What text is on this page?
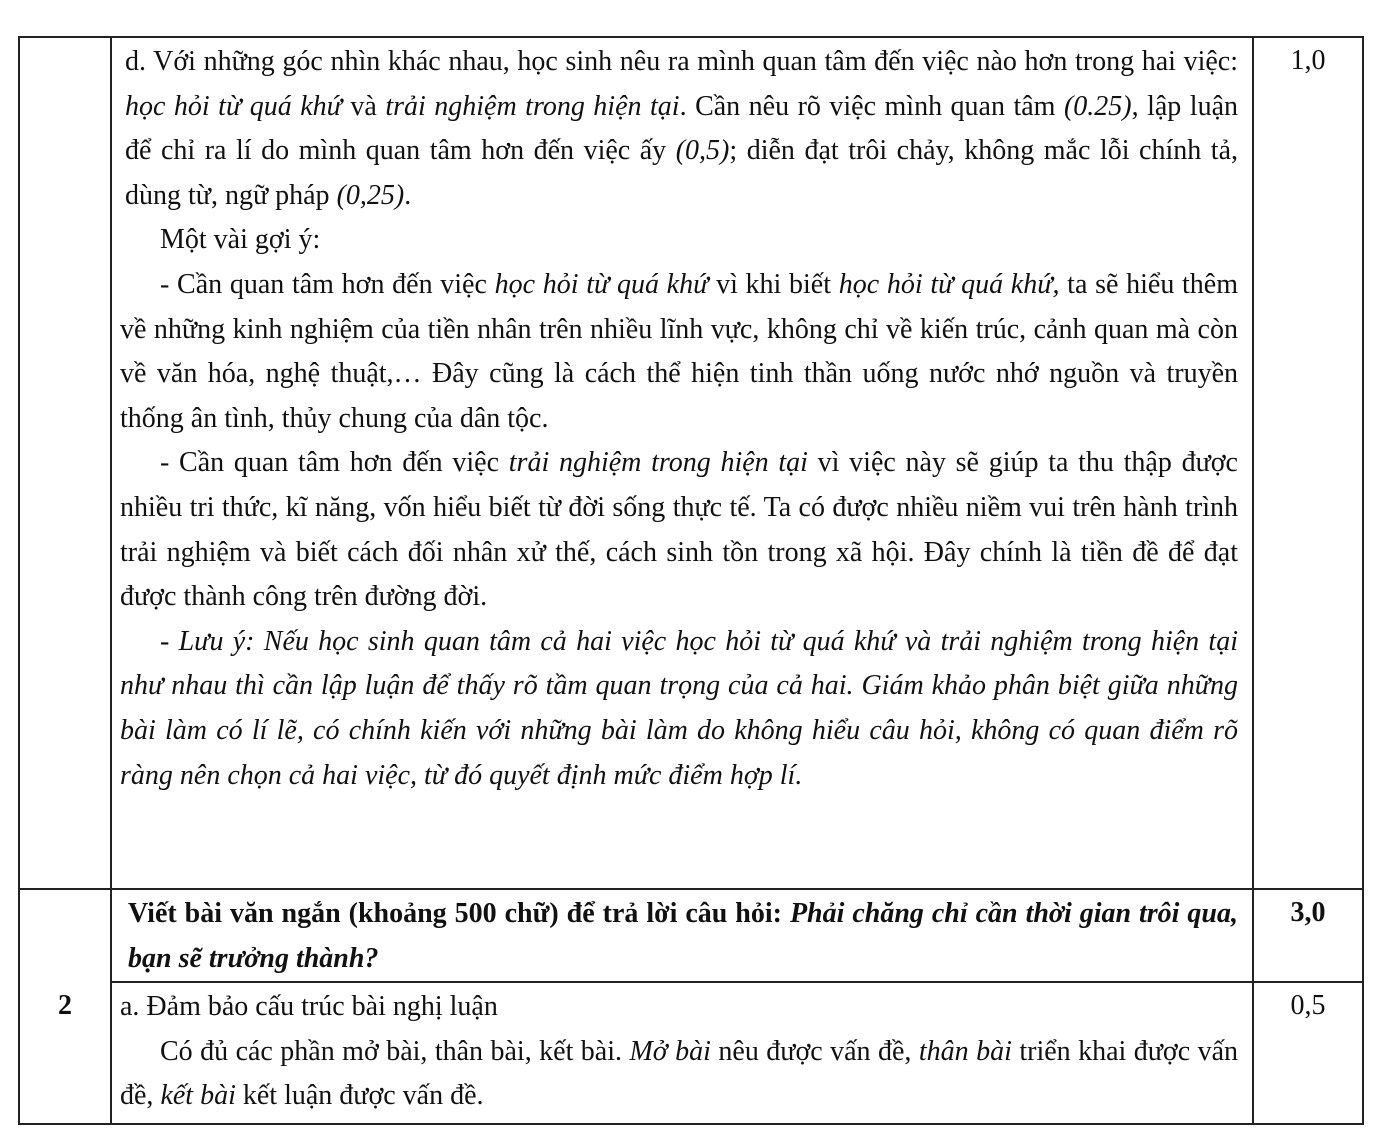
	d. Với những góc nhìn khác nhau, học sinh nêu ra mình quan tâm đến việc nào hơn trong hai việc: học hỏi từ quá khứ và trải nghiệm trong hiện tại. Cần nêu rõ việc mình quan tâm (0.25), lập luận để chỉ ra lí do mình quan tâm hơn đến việc ấy (0,5); diễn đạt trôi chảy, không mắc lỗi chính tả, dùng từ, ngữ pháp (0,25).

Một vài gợi ý:

- Cần quan tâm hơn đến việc học hỏi từ quá khứ vì khi biết học hỏi từ quá khứ, ta sẽ hiểu thêm về những kinh nghiệm của tiền nhân trên nhiều lĩnh vực, không chỉ về kiến trúc, cảnh quan mà còn về văn hóa, nghệ thuật,… Đây cũng là cách thể hiện tinh thần uống nước nhớ nguồn và truyền thống ân tình, thủy chung của dân tộc.

- Cần quan tâm hơn đến việc trải nghiệm trong hiện tại vì việc này sẽ giúp ta thu thập được nhiều tri thức, kĩ năng, vốn hiểu biết từ đời sống thực tế. Ta có được nhiều niềm vui trên hành trình trải nghiệm và biết cách đối nhân xử thế, cách sinh tồn trong xã hội. Đây chính là tiền đề để đạt được thành công trên đường đời.

- Lưu ý: Nếu học sinh quan tâm cả hai việc học hỏi từ quá khứ và trải nghiệm trong hiện tại như nhau thì cần lập luận để thấy rõ tầm quan trọng của cả hai. Giám khảo phân biệt giữa những bài làm có lí lẽ, có chính kiến với những bài làm do không hiểu câu hỏi, không có quan điểm rõ ràng nên chọn cả hai việc, từ đó quyết định mức điểm hợp lí.	1,0
2	Viết bài văn ngắn (khoảng 500 chữ) để trả lời câu hỏi: Phải chăng chỉ cần thời gian trôi qua, bạn sẽ trưởng thành?	3,0

	a. Đảm bảo cấu trúc bài nghị luận

Có đủ các phần mở bài, thân bài, kết bài. Mở bài nêu được vấn đề, thân bài triển khai được vấn đề, kết bài kết luận được vấn đề.	0,5
